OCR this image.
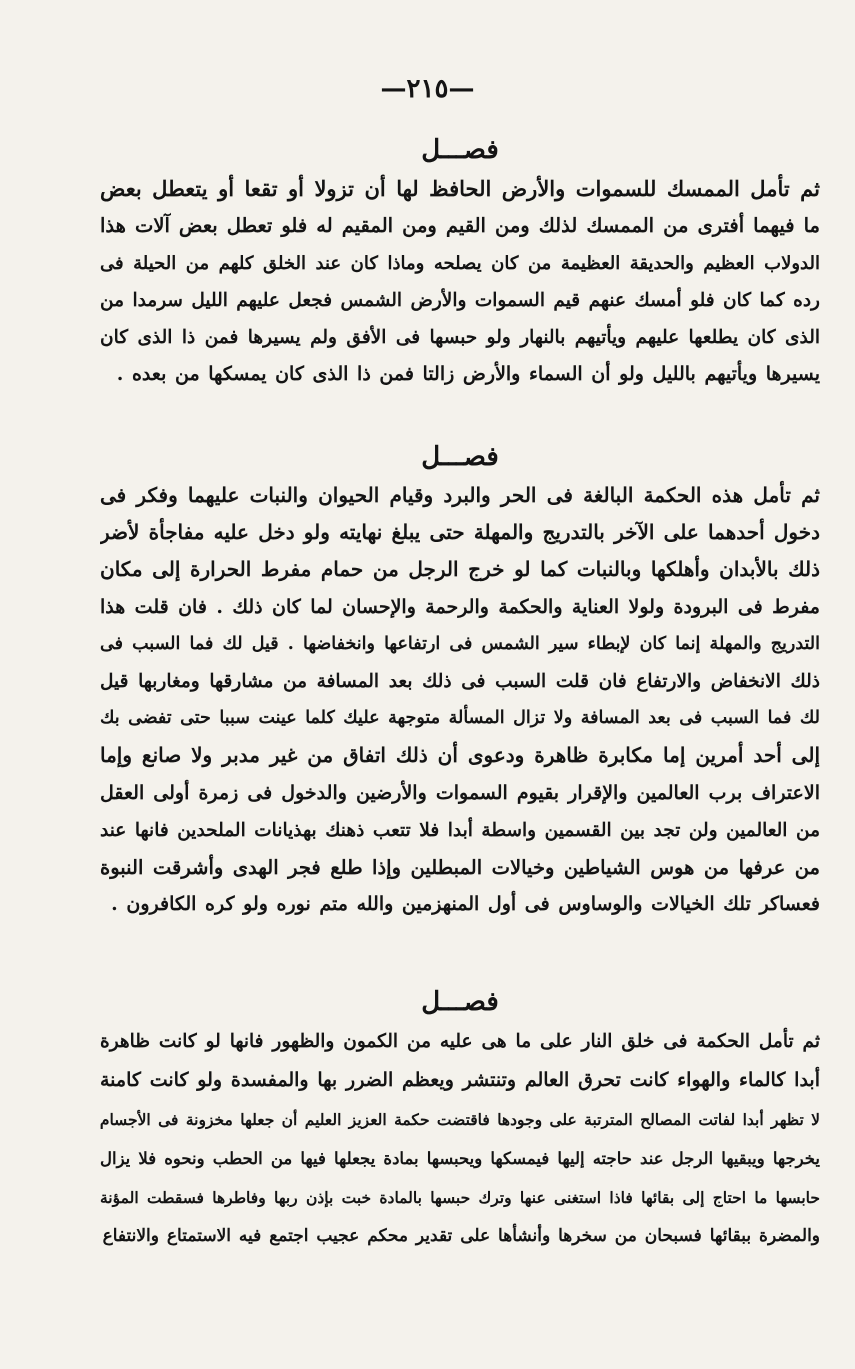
—٢١٥—
فصـــل
ثم تأمل الممسك للسموات والأرض الحافظ لها أن تزولا أو تقعا أو يتعطل بعض
ما فيهما أفترى من الممسك لذلك ومن القيم ومن المقيم له فلو تعطل بعض آلات هذا
الدولاب العظيم والحديقة العظيمة من كان يصلحه وماذا كان عند الخلق كلهم من الحيلة فى
رده كما كان فلو أمسك عنهم قيم السموات والأرض الشمس فجعل عليهم الليل سرمدا من
الذى كان يطلعها عليهم ويأتيهم بالنهار ولو حبسها فى الأفق ولم يسيرها فمن ذا الذى كان
يسيرها ويأتيهم بالليل ولو أن السماء والأرض زالتا فمن ذا الذى كان يمسكها من بعده .
فصـــل
ثم تأمل هذه الحكمة البالغة فى الحر والبرد وقيام الحيوان والنبات عليهما وفكر فى
دخول أحدهما على الآخر بالتدريج والمهلة حتى يبلغ نهايته ولو دخل عليه مفاجأة لأضر
ذلك بالأبدان وأهلكها وبالنبات كما لو خرج الرجل من حمام مفرط الحرارة إلى مكان
مفرط فى البرودة ولولا العناية والحكمة والرحمة والإحسان لما كان ذلك . فان قلت هذا
التدريج والمهلة إنما كان لإبطاء سير الشمس فى ارتفاعها وانخفاضها . قيل لك فما السبب فى
ذلك الانخفاض والارتفاع فان قلت السبب فى ذلك بعد المسافة من مشارقها ومغاربها قيل
لك فما السبب فى بعد المسافة ولا تزال المسألة متوجهة عليك كلما عينت سببا حتى تفضى بك
إلى أحد أمرين إما مكابرة ظاهرة ودعوى أن ذلك اتفاق من غير مدبر ولا صانع وإما
الاعتراف برب العالمين والإقرار بقيوم السموات والأرضين والدخول فى زمرة أولى العقل
من العالمين ولن تجد بين القسمين واسطة أبدا فلا تتعب ذهنك بهذيانات الملحدين فانها عند
من عرفها من هوس الشياطين وخيالات المبطلين وإذا طلع فجر الهدى وأشرقت النبوة
فعساكر تلك الخيالات والوساوس فى أول المنهزمين والله متم نوره ولو كره الكافرون .
فصـــل
ثم تأمل الحكمة فى خلق النار على ما هى عليه من الكمون والظهور فانها لو كانت ظاهرة
أبدا كالماء والهواء كانت تحرق العالم وتنتشر ويعظم الضرر بها والمفسدة ولو كانت كامنة
لا تظهر أبدا لفاتت المصالح المترتبة على وجودها فاقتضت حكمة العزيز العليم أن جعلها مخزونة فى الأجسام
يخرجها ويبقيها الرجل عند حاجته إليها فيمسكها ويحبسها بمادة يجعلها فيها من الحطب ونحوه فلا يزال
حابسها ما احتاج إلى بقائها فاذا استغنى عنها وترك حبسها بالمادة خبت بإذن ربها وفاطرها فسقطت المؤنة
والمضرة ببقائها فسبحان من سخرها وأنشأها على تقدير محكم عجيب اجتمع فيه الاستمتاع والانتفاع
